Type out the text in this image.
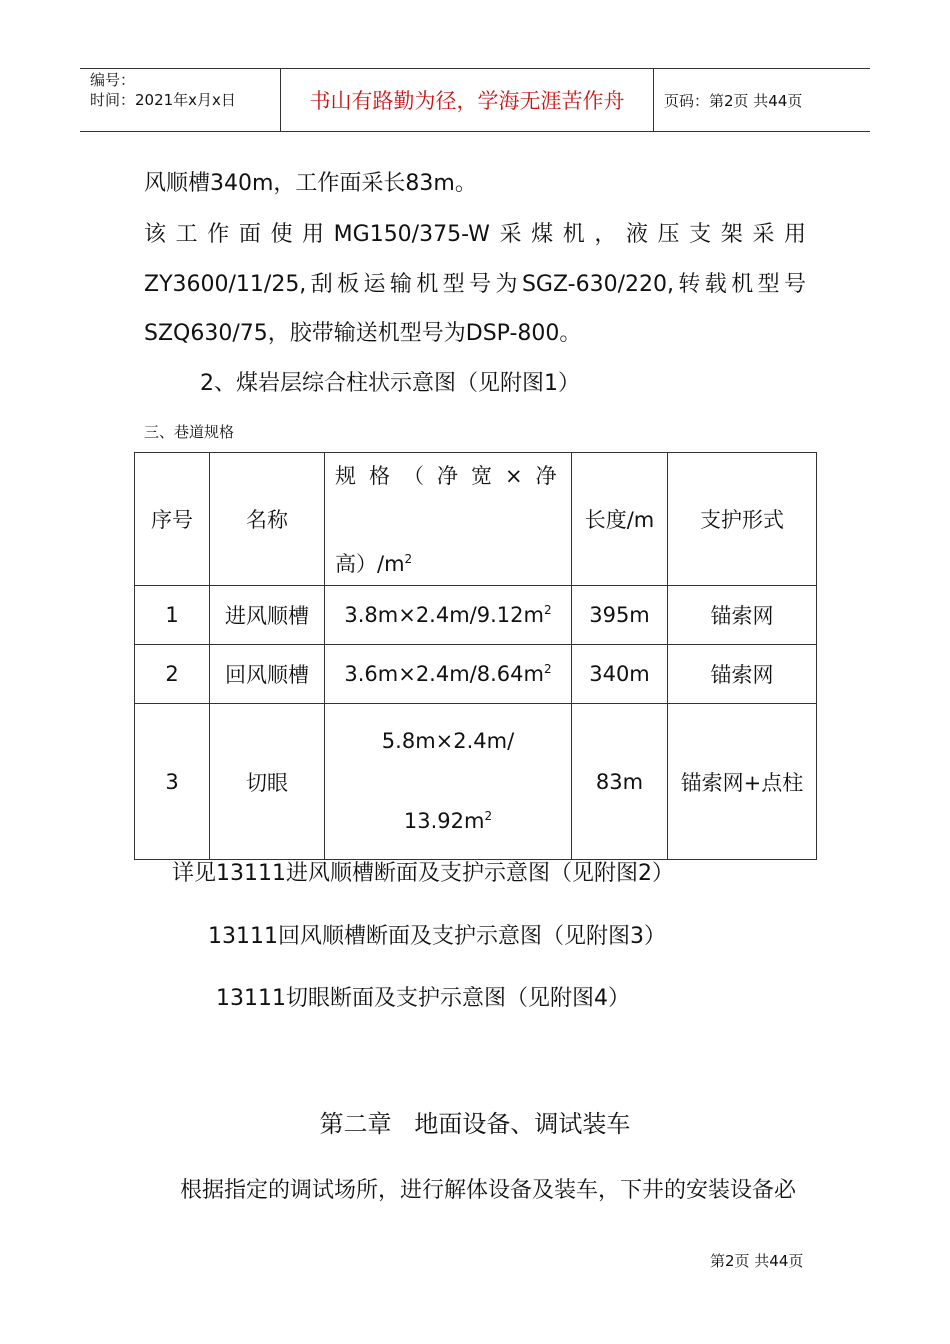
编号：
时间：2021年x月x日	书山有路勤为径，学海无涯苦作舟	页码：第2页 共44页
风顺槽340m，工作面采长83m。
该工作面使用MG150/375-W采煤机，液压支架采用
ZY3600/11/25,刮板运输机型号为SGZ-630/220,转载机型号
SZQ630/75，胶带输送机型号为DSP-800。
2、煤岩层综合柱状示意图（见附图1）
三、巷道规格
序号	名称	规格（净宽×净
高）$/m^2$	长度/m	支护形式
1	进风顺槽	$3.8m\times 2.4m/9.12m^2$	395m	锚索网
2	回风顺槽	$3.6m\times 2.4m/8.64m^2$	340m	锚索网
3	切眼	5.8m×2.4m/
$13.92m^2$	83m	锚索网+点柱
详见13111进风顺槽断面及支护示意图（见附图2）
13111回风顺槽断面及支护示意图（见附图3）
13111切眼断面及支护示意图（见附图4）
第二章   地面设备、调试装车
根据指定的调试场所，进行解体设备及装车，下井的安装设备必
第2页 共44页
